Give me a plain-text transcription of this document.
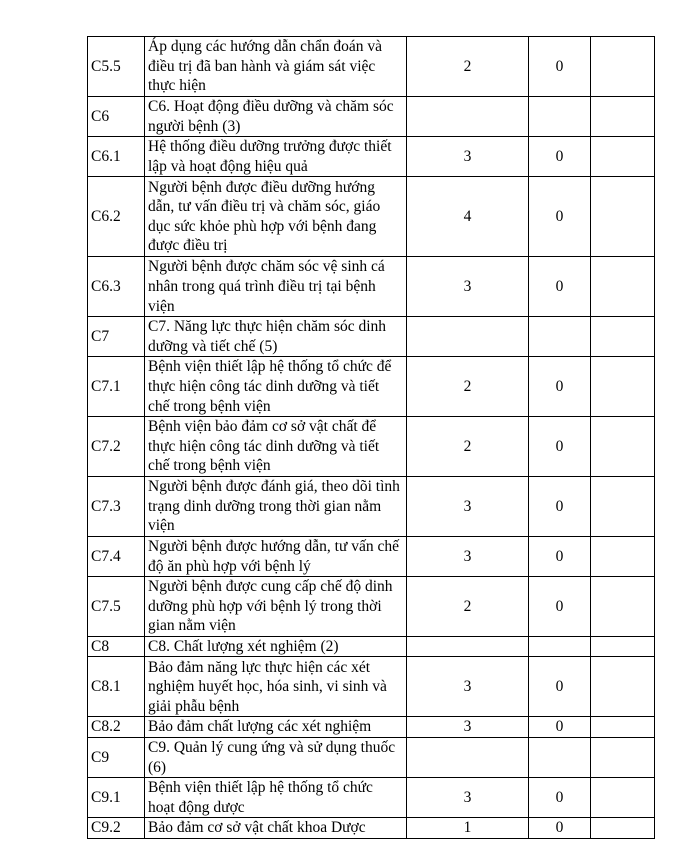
C5.5	Áp dụng các hướng dẫn chẩn đoán và điều trị đã ban hành và giám sát việc thực hiện	2	0	
C6	C6. Hoạt động điều dưỡng và chăm sóc người bệnh (3)			
C6.1	Hệ thống điều dưỡng trưởng được thiết lập và hoạt động hiệu quả	3	0	
C6.2	Người bệnh được điều dưỡng hướng dẫn, tư vấn điều trị và chăm sóc, giáo dục sức khỏe phù hợp với bệnh đang được điều trị	4	0	
C6.3	Người bệnh được chăm sóc vệ sinh cá nhân trong quá trình điều trị tại bệnh viện	3	0	
C7	C7. Năng lực thực hiện chăm sóc dinh dưỡng và tiết chế (5)			
C7.1	Bệnh viện thiết lập hệ thống tổ chức để thực hiện công tác dinh dưỡng và tiết chế trong bệnh viện	2	0	
C7.2	Bệnh viện bảo đảm cơ sở vật chất để thực hiện công tác dinh dưỡng và tiết chế trong bệnh viện	2	0	
C7.3	Người bệnh được đánh giá, theo dõi tình trạng dinh dưỡng trong thời gian nằm viện	3	0	
C7.4	Người bệnh được hướng dẫn, tư vấn chế độ ăn phù hợp với bệnh lý	3	0	
C7.5	Người bệnh được cung cấp chế độ dinh dưỡng phù hợp với bệnh lý trong thời gian nằm viện	2	0	
C8	C8. Chất lượng xét nghiệm (2)			
C8.1	Bảo đảm năng lực thực hiện các xét nghiệm huyết học, hóa sinh, vi sinh và giải phẫu bệnh	3	0	
C8.2	Bảo đảm chất lượng các xét nghiệm	3	0	
C9	C9. Quản lý cung ứng và sử dụng thuốc (6)			
C9.1	Bệnh viện thiết lập hệ thống tổ chức hoạt động dược	3	0	
C9.2	Bảo đảm cơ sở vật chất khoa Dược	1	0	
